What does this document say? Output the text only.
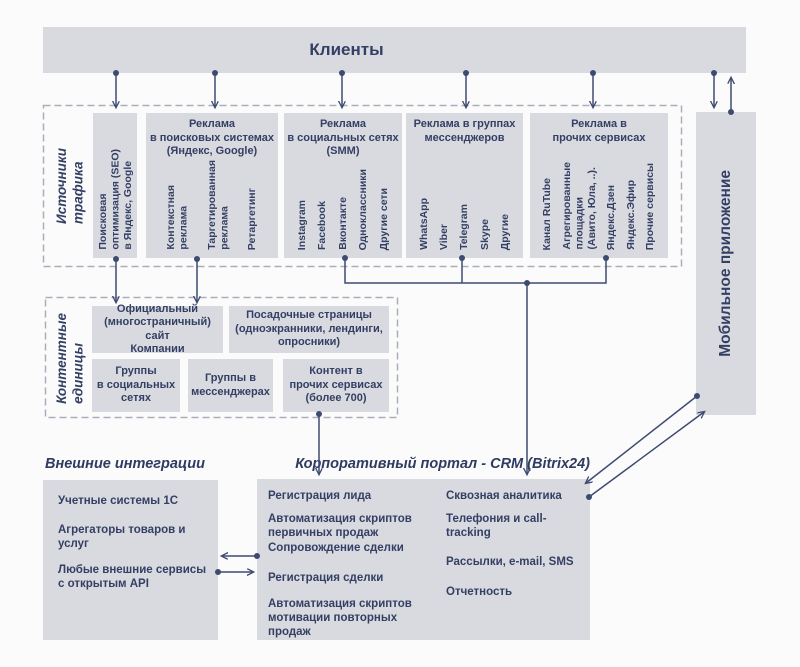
Клиенты
Источники
трафика Поисковая
оптимизация (SEO)
в Яндекс, Google
Реклама
в поисковых системах
(Яндекс, Google)
Контекстная
реклама Таргетированная
реклама Ретаргетинг
Реклама
в социальных сетях
(SMM)
Instagram Facebook Вконтакте Одноклассники Другие сети
Реклама в группах
мессенджеров
WhatsApp Viber Telegram Skype Другие
Реклама в
прочих сервисах
Канал RuTube Агрегированные
площадки
(Авито, Юла, ..).
Яндекс.Дзен Яндекс.Эфир Прочие сервисы	Мобильное приложение
Контентные
единицы
Официальный
(многостраничный) сайт
Компании
Посадочные страницы
(одноэкранники, лендинги,
опросники)
Группы
в социальных
сетях
Группы в
мессенджерах
Контент в
прочих сервисах
(более 700)
Внешние интеграции
Учетные системы 1С
Агрегаторы товаров и услуг
Любые внешние сервисы
с открытым API
Корпоративный портал - CRM (Bitrix24)
Регистрация лида
Автоматизация скриптов
первичных продаж
Сопровождение сделки
Регистрация сделки
Автоматизация скриптов
мотивации повторных продаж
Сквозная аналитика
Телефония и call-tracking
Рассылки, e-mail, SMS
Отчетность
